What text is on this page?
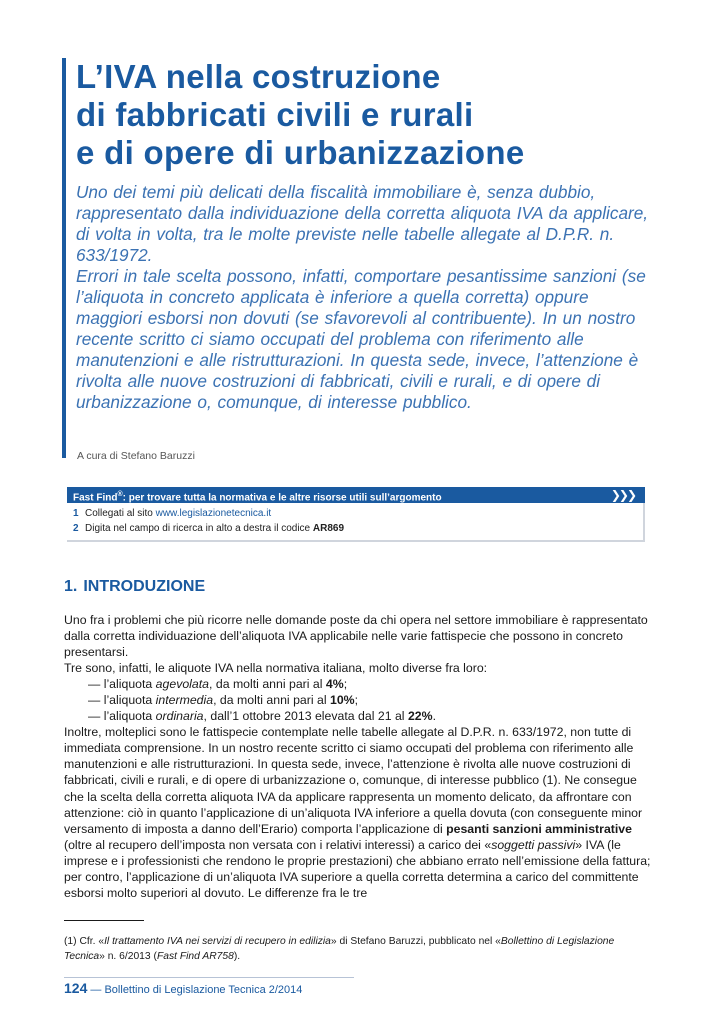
L’IVA nella costruzione
di fabbricati civili e rurali
e di opere di urbanizzazione

Uno dei temi più delicati della fiscalità immobiliare è, senza dubbio, rappresentato dalla individuazione della corretta aliquota IVA da applicare, di volta in volta, tra le molte previste nelle tabelle allegate al D.P.R. n. 633/1972.

Errori in tale scelta possono, infatti, comportare pesantissime sanzioni (se l’aliquota in concreto applicata è inferiore a quella corretta) oppure maggiori esborsi non dovuti (se sfavorevoli al contribuente). In un nostro recente scritto ci siamo occupati del problema con riferimento alle manutenzioni e alle ristrutturazioni. In questa sede, invece, l’attenzione è rivolta alle nuove costruzioni di fabbricati, civili e rurali, e di opere di urbanizzazione o, comunque, di interesse pubblico.

A cura di Stefano Baruzzi
Fast Find®: per trovare tutta la normativa e le altre risorse utili sull’argomento	❯❯❯
1 Collegati al sito www.legislazionetecnica.it
2 Digita nel campo di ricerca in alto a destra il codice AR869
1. INTRODUZIONE

Uno fra i problemi che più ricorre nelle domande poste da chi opera nel settore immobiliare è rappresentato dalla corretta individuazione dell’aliquota IVA applicabile nelle varie fattispecie che possono in concreto presentarsi.

Tre sono, infatti, le aliquote IVA nella normativa italiana, molto diverse fra loro:

— l’aliquota agevolata, da molti anni pari al 4%;

— l’aliquota intermedia, da molti anni pari al 10%;

— l’aliquota ordinaria, dall’1 ottobre 2013 elevata dal 21 al 22%.

Inoltre, molteplici sono le fattispecie contemplate nelle tabelle allegate al D.P.R. n. 633/1972, non tutte di immediata comprensione. In un nostro recente scritto ci siamo occupati del problema con riferimento alle manutenzioni e alle ristrutturazioni. In questa sede, invece, l’attenzione è rivolta alle nuove costruzioni di fabbricati, civili e rurali, e di opere di urbanizzazione o, comunque, di interesse pubblico (1). Ne consegue che la scelta della corretta aliquota IVA da applicare rappresenta un momento delicato, da affrontare con attenzione: ciò in quanto l’applicazione di un’aliquota IVA inferiore a quella dovuta (con conseguente minor versamento di imposta a danno dell’Erario) comporta l’applicazione di pesanti sanzioni amministrative (oltre al recupero dell’imposta non versata con i relativi interessi) a carico dei «soggetti passivi» IVA (le imprese e i professionisti che rendono le proprie prestazioni) che abbiano errato nell’emissione della fattura; per contro, l’applicazione di un’aliquota IVA superiore a quella corretta determina a carico del committente esborsi molto superiori al dovuto. Le differenze fra le tre

(1) Cfr. «Il trattamento IVA nei servizi di recupero in edilizia» di Stefano Baruzzi, pubblicato nel «Bollettino di Legislazione Tecnica» n. 6/2013 (Fast Find AR758).
124 — Bollettino di Legislazione Tecnica 2/2014
